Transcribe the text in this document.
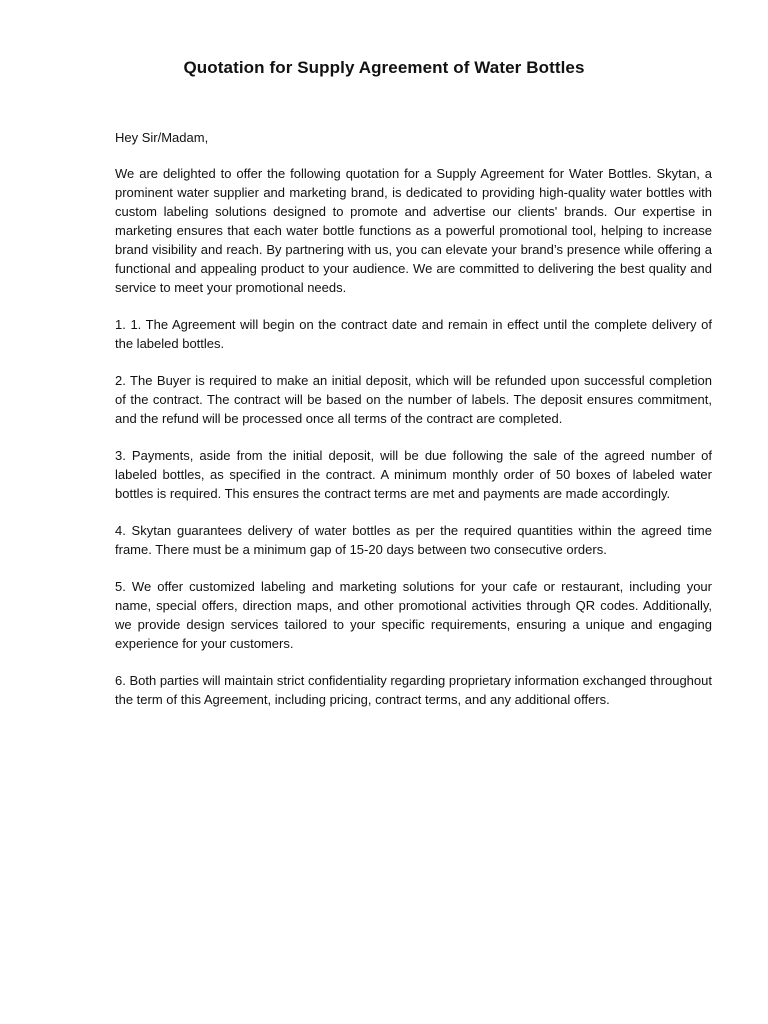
Quotation for Supply Agreement of Water Bottles

Hey Sir/Madam,

We are delighted to offer the following quotation for a Supply Agreement for Water Bottles. Skytan, a prominent water supplier and marketing brand, is dedicated to providing high-quality water bottles with custom labeling solutions designed to promote and advertise our clients' brands. Our expertise in marketing ensures that each water bottle functions as a powerful promotional tool, helping to increase brand visibility and reach. By partnering with us, you can elevate your brand’s presence while offering a functional and appealing product to your audience. We are committed to delivering the best quality and service to meet your promotional needs.

1. 1. The Agreement will begin on the contract date and remain in effect until the complete delivery of the labeled bottles.

2. The Buyer is required to make an initial deposit, which will be refunded upon successful completion of the contract. The contract will be based on the number of labels. The deposit ensures commitment, and the refund will be processed once all terms of the contract are completed.

3. Payments, aside from the initial deposit, will be due following the sale of the agreed number of labeled bottles, as specified in the contract. A minimum monthly order of 50 boxes of labeled water bottles is required. This ensures the contract terms are met and payments are made accordingly.

4. Skytan guarantees delivery of water bottles as per the required quantities within the agreed time frame. There must be a minimum gap of 15-20 days between two consecutive orders.

5. We offer customized labeling and marketing solutions for your cafe or restaurant, including your name, special offers, direction maps, and other promotional activities through QR codes. Additionally, we provide design services tailored to your specific requirements, ensuring a unique and engaging experience for your customers.

6. Both parties will maintain strict confidentiality regarding proprietary information exchanged throughout the term of this Agreement, including pricing, contract terms, and any additional offers.
